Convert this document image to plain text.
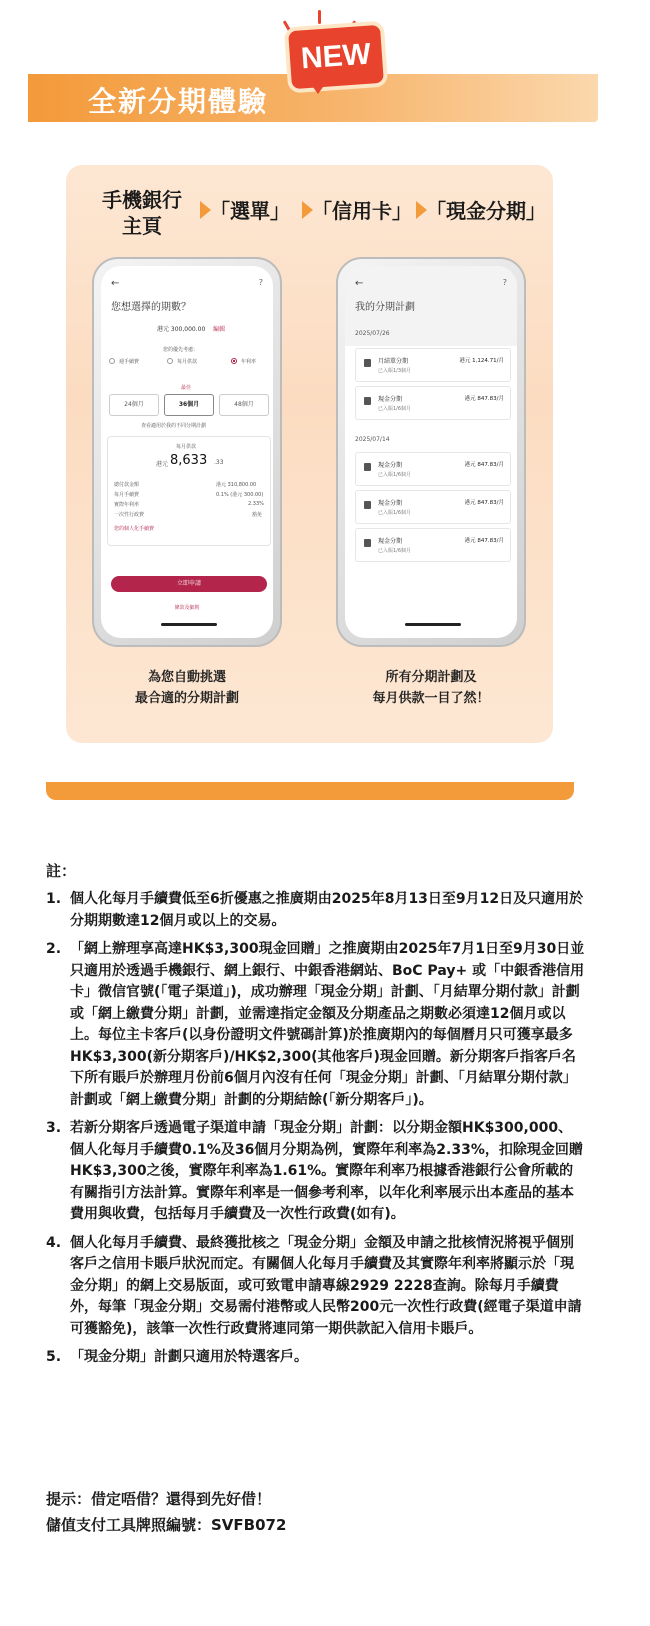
全新分期體驗
NEW
手機銀行
主頁
「選單」 「信用卡」 「現金分期」
←	?
您想選擇的期數？
港元 300,000.00 編輯
您的優先考慮：
週手續費	每月供款	年利率
最佳
24個月	36個月	48個月
查看適用於我的不同分期計劃
每月供款
港元 8,633 .33
總付款金額	港元 310,800.00
每月手續費	0.1% (港元 300.00)
實際年利率	2.33%
一次性行政費	豁免
您的個人化手續費
立即申請
條款及細則
←	?
我的分期計劃
2025/07/26
月結單分期
已入賬1/3個月
港元 1,124.71/月
現金分期
已入賬1/6個月
港元 847.83/月
2025/07/14
現金分期
已入賬1/6個月
港元 847.83/月
現金分期
已入賬1/6個月
港元 847.83/月
現金分期
已入賬1/6個月
港元 847.83/月
為您自動挑選
最合適的分期計劃
所有分期計劃及
每月供款一目了然！
註：
1. 個人化每月手續費低至6折優惠之推廣期由2025年8月13日至9月12日及只適用於分期期數達12個月或以上的交易。
2. 「網上辦理享高達HK$3,300現金回贈」之推廣期由2025年7月1日至9月30日並只適用於透過手機銀行、網上銀行、中銀香港網站、BoC Pay+ 或「中銀香港信用卡」微信官號(「電子渠道」)，成功辦理「現金分期」計劃、「月結單分期付款」計劃或「網上繳費分期」計劃，並需達指定金額及分期產品之期數必須達12個月或以上。每位主卡客戶(以身份證明文件號碼計算)於推廣期內的每個曆月只可獲享最多HK$3,300(新分期客戶)/HK$2,300(其他客戶)現金回贈。新分期客戶指客戶名下所有賬戶於辦理月份前6個月內沒有任何「現金分期」計劃、「月結單分期付款」計劃或「網上繳費分期」計劃的分期結餘(「新分期客戶」)。
3. 若新分期客戶透過電子渠道申請「現金分期」計劃：以分期金額HK$300,000、個人化每月手續費0.1%及36個月分期為例，實際年利率為2.33%，扣除現金回贈HK$3,300之後，實際年利率為1.61%。實際年利率乃根據香港銀行公會所載的有關指引方法計算。實際年利率是一個參考利率，以年化利率展示出本產品的基本費用與收費，包括每月手續費及一次性行政費(如有)。
4. 個人化每月手續費、最終獲批核之「現金分期」金額及申請之批核情況將視乎個別客戶之信用卡賬戶狀況而定。有關個人化每月手續費及其實際年利率將顯示於「現金分期」的網上交易版面，或可致電申請專線2929 2228查詢。除每月手續費外，每筆「現金分期」交易需付港幣或人民幣200元一次性行政費(經電子渠道申請可獲豁免)，該筆一次性行政費將連同第一期供款記入信用卡賬戶。
5. 「現金分期」計劃只適用於特選客戶。
提示：借定唔借？還得到先好借！
儲值支付工具牌照編號：SVFB072
